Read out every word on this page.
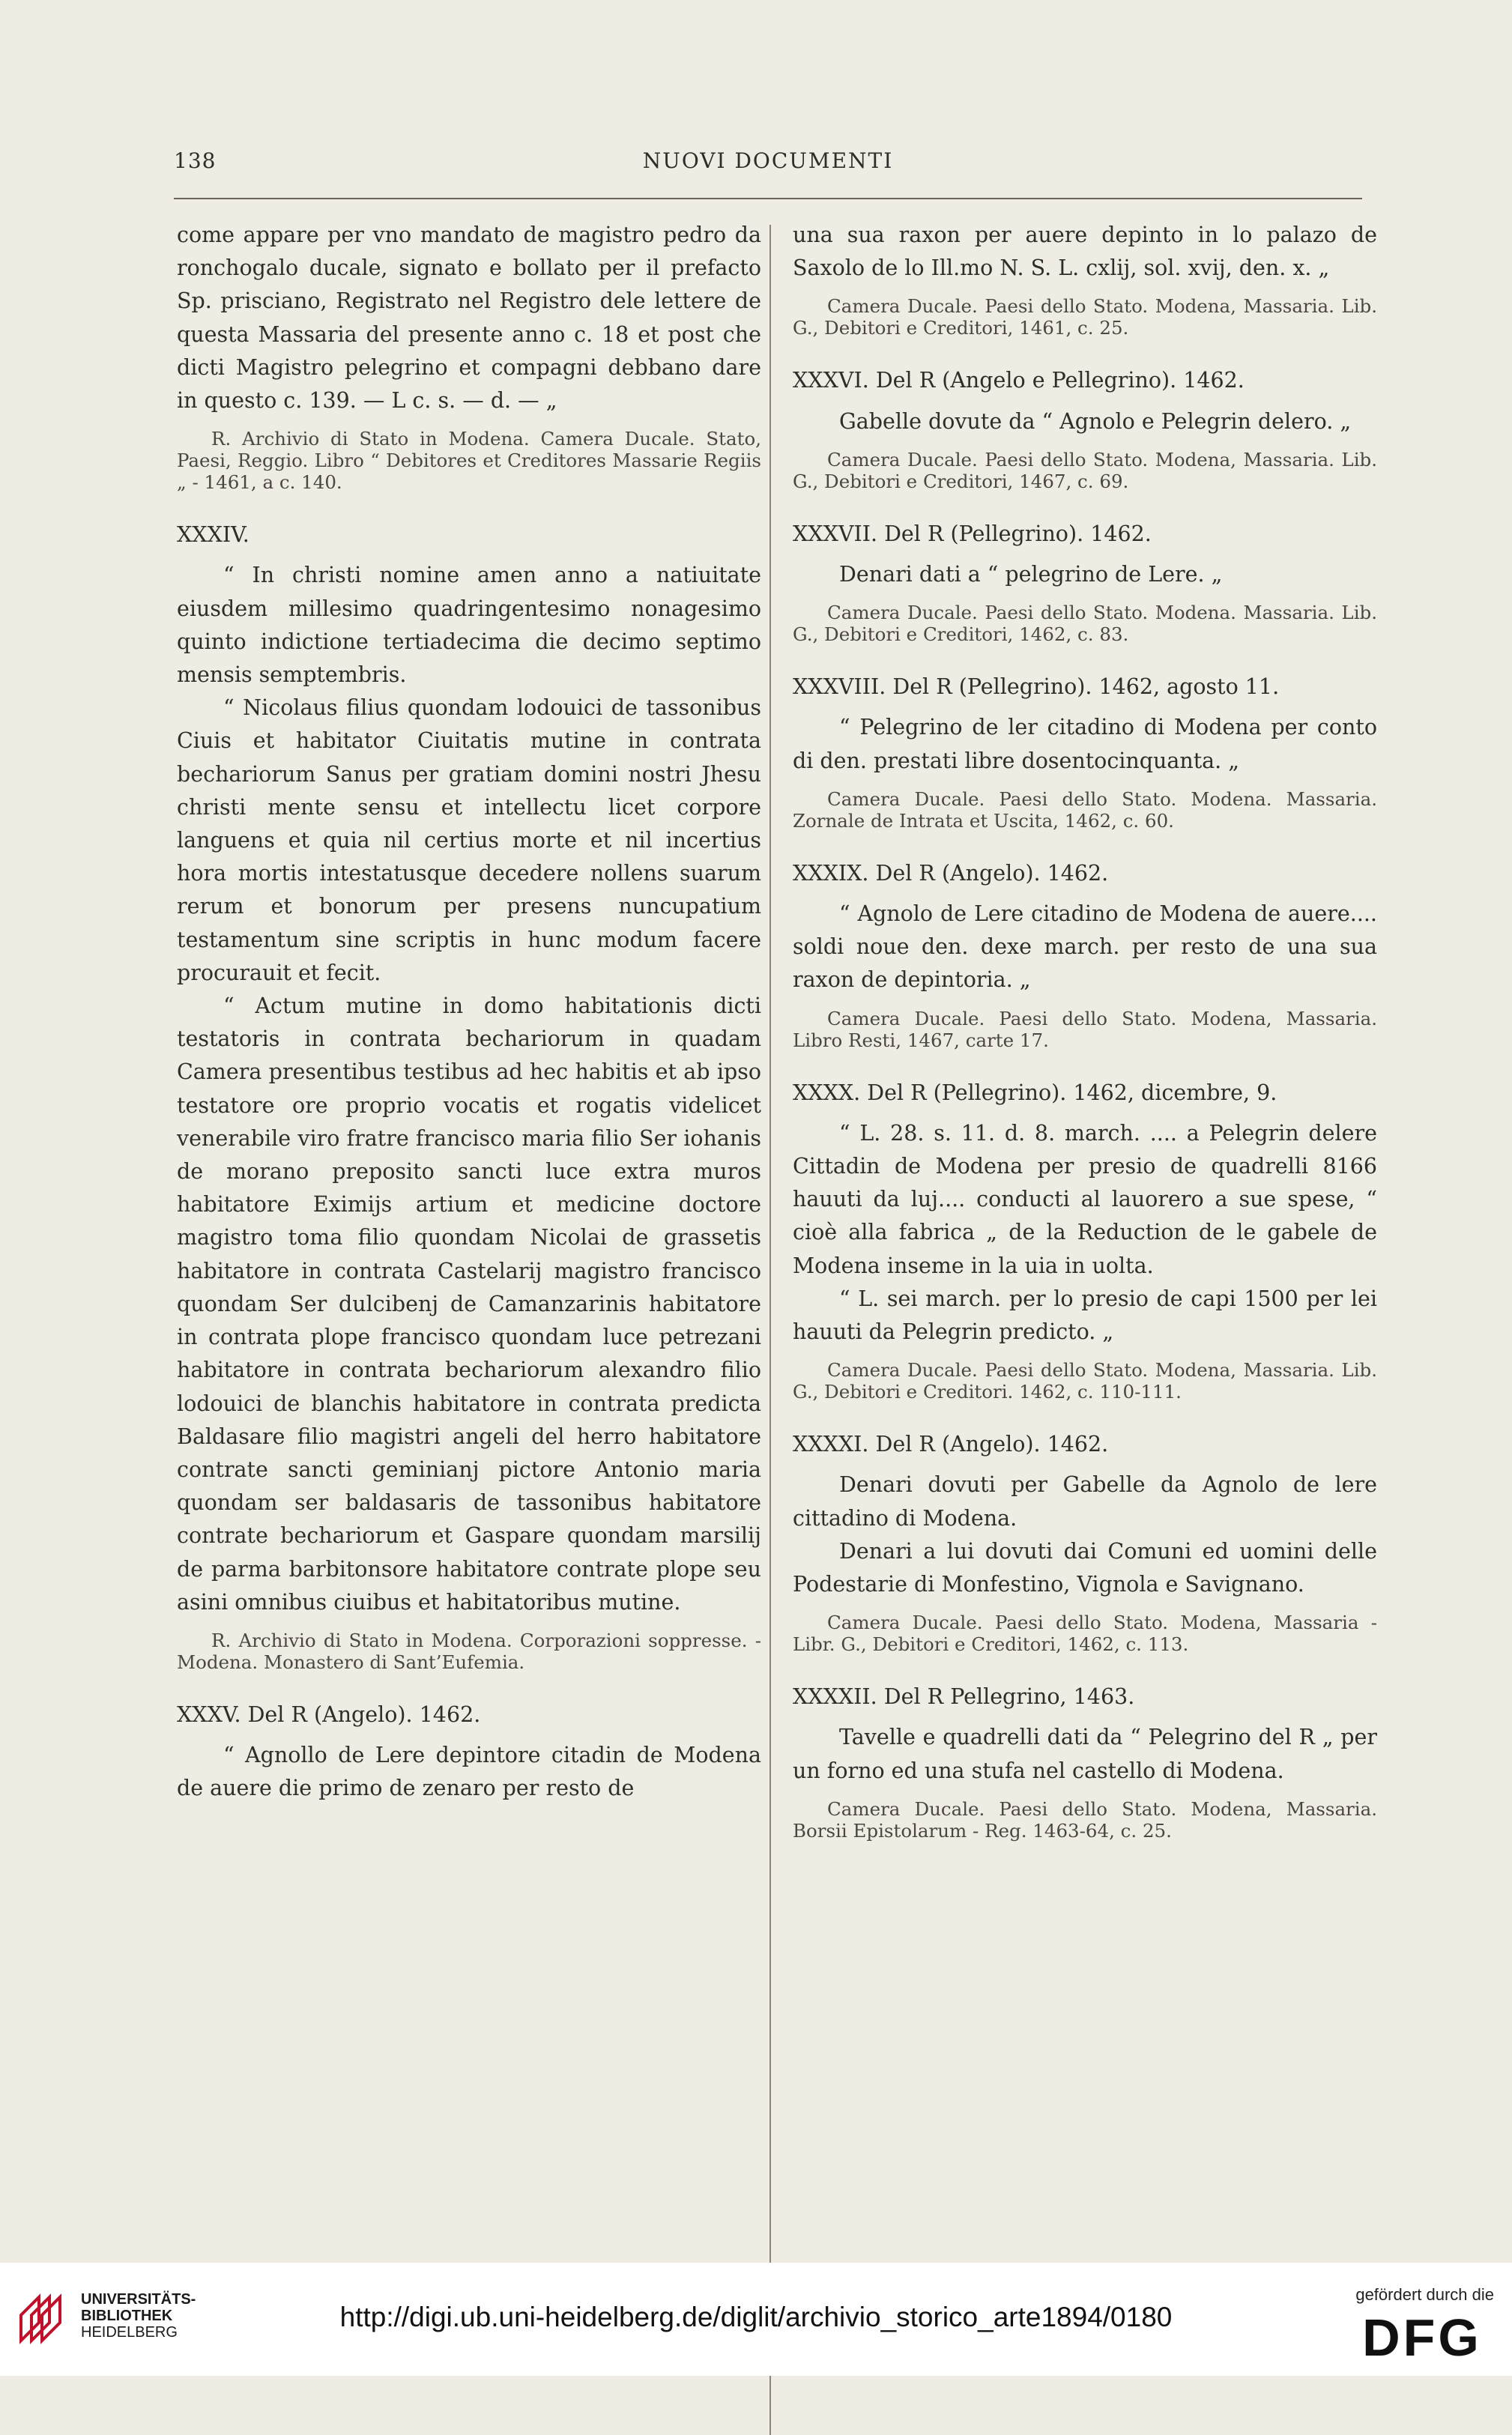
138	NUOVI DOCUMENTI

come appare per vno mandato de magistro pedro da ronchogalo ducale, signato e bollato per il prefacto Sp. prisciano, Registrato nel Registro dele lettere de questa Massaria del presente anno c. 18 et post che dicti Magistro pelegrino et compagni debbano dare in questo c. 139. — L c. s. — d. — „

R. Archivio di Stato in Modena. Camera Ducale. Stato, Paesi, Reggio. Libro “ Debitores et Creditores Massarie Regiis „ - 1461, a c. 140.

XXXIV.

“ In christi nomine amen anno a natiuitate eiusdem millesimo quadringentesimo nonagesimo quinto indictione tertiadecima die decimo septimo mensis semptembris.

“ Nicolaus filius quondam lodouici de tassonibus Ciuis et habitator Ciuitatis mutine in contrata bechariorum Sanus per gratiam domini nostri Jhesu christi mente sensu et intellectu licet corpore languens et quia nil certius morte et nil incertius hora mortis intestatusque decedere nollens suarum rerum et bonorum per presens nuncupatium testamentum sine scriptis in hunc modum facere procurauit et fecit.

“ Actum mutine in domo habitationis dicti testatoris in contrata bechariorum in quadam Camera presentibus testibus ad hec habitis et ab ipso testatore ore proprio vocatis et rogatis videlicet venerabile viro fratre francisco maria filio Ser iohanis de morano preposito sancti luce extra muros habitatore Eximijs artium et medicine doctore magistro toma filio quondam Nicolai de grassetis habitatore in contrata Castelarij magistro francisco quondam Ser dulcibenj de Camanzarinis habitatore in contrata plope francisco quondam luce petrezani habitatore in contrata bechariorum alexandro filio lodouici de blanchis habitatore in contrata predicta Baldasare filio magistri angeli del herro habitatore contrate sancti geminianj pictore Antonio maria quondam ser baldasaris de tassonibus habitatore contrate bechariorum et Gaspare quondam marsilij de parma barbitonsore habitatore contrate plope seu asini omnibus ciuibus et habitatoribus mutine.

R. Archivio di Stato in Modena. Corporazioni soppresse. - Modena. Monastero di Sant’Eufemia.

XXXV. Del R (Angelo). 1462.

“ Agnollo de Lere depintore citadin de Modena de auere die primo de zenaro per resto de

una sua raxon per auere depinto in lo palazo de Saxolo de lo Ill.mo N. S. L. cxlij, sol. xvij, den. x. „

Camera Ducale. Paesi dello Stato. Modena, Massaria. Lib. G., Debitori e Creditori, 1461, c. 25.

XXXVI. Del R (Angelo e Pellegrino). 1462.

Gabelle dovute da “ Agnolo e Pelegrin delero. „

Camera Ducale. Paesi dello Stato. Modena, Massaria. Lib. G., Debitori e Creditori, 1467, c. 69.

XXXVII. Del R (Pellegrino). 1462.

Denari dati a “ pelegrino de Lere. „

Camera Ducale. Paesi dello Stato. Modena. Massaria. Lib. G., Debitori e Creditori, 1462, c. 83.

XXXVIII. Del R (Pellegrino). 1462, agosto 11.

“ Pelegrino de ler citadino di Modena per conto di den. prestati libre dosentocinquanta. „

Camera Ducale. Paesi dello Stato. Modena. Massaria. Zornale de Intrata et Uscita, 1462, c. 60.

XXXIX. Del R (Angelo). 1462.

“ Agnolo de Lere citadino de Modena de auere.... soldi noue den. dexe march. per resto de una sua raxon de depintoria. „

Camera Ducale. Paesi dello Stato. Modena, Massaria. Libro Resti, 1467, carte 17.

XXXX. Del R (Pellegrino). 1462, dicembre, 9.

“ L. 28. s. 11. d. 8. march. .... a Pelegrin delere Cittadin de Modena per presio de quadrelli 8166 hauuti da luj.... conducti al lauorero a sue spese, “ cioè alla fabrica „ de la Reduction de le gabele de Modena inseme in la uia in uolta.

“ L. sei march. per lo presio de capi 1500 per lei hauuti da Pelegrin predicto. „

Camera Ducale. Paesi dello Stato. Modena, Massaria. Lib. G., Debitori e Creditori. 1462, c. 110-111.

XXXXI. Del R (Angelo). 1462.

Denari dovuti per Gabelle da Agnolo de lere cittadino di Modena.

Denari a lui dovuti dai Comuni ed uomini delle Podestarie di Monfestino, Vignola e Savignano.

Camera Ducale. Paesi dello Stato. Modena, Massaria - Libr. G., Debitori e Creditori, 1462, c. 113.

XXXXII. Del R Pellegrino, 1463.

Tavelle e quadrelli dati da “ Pelegrino del R „ per un forno ed una stufa nel castello di Modena.

Camera Ducale. Paesi dello Stato. Modena, Massaria. Borsii Epistolarum - Reg. 1463-64, c. 25.

UNIVERSITÄTS-
BIBLIOTHEK
HEIDELBERG	http://digi.ub.uni-heidelberg.de/diglit/archivio_storico_arte1894/0180
gefördert durch die
DFG
